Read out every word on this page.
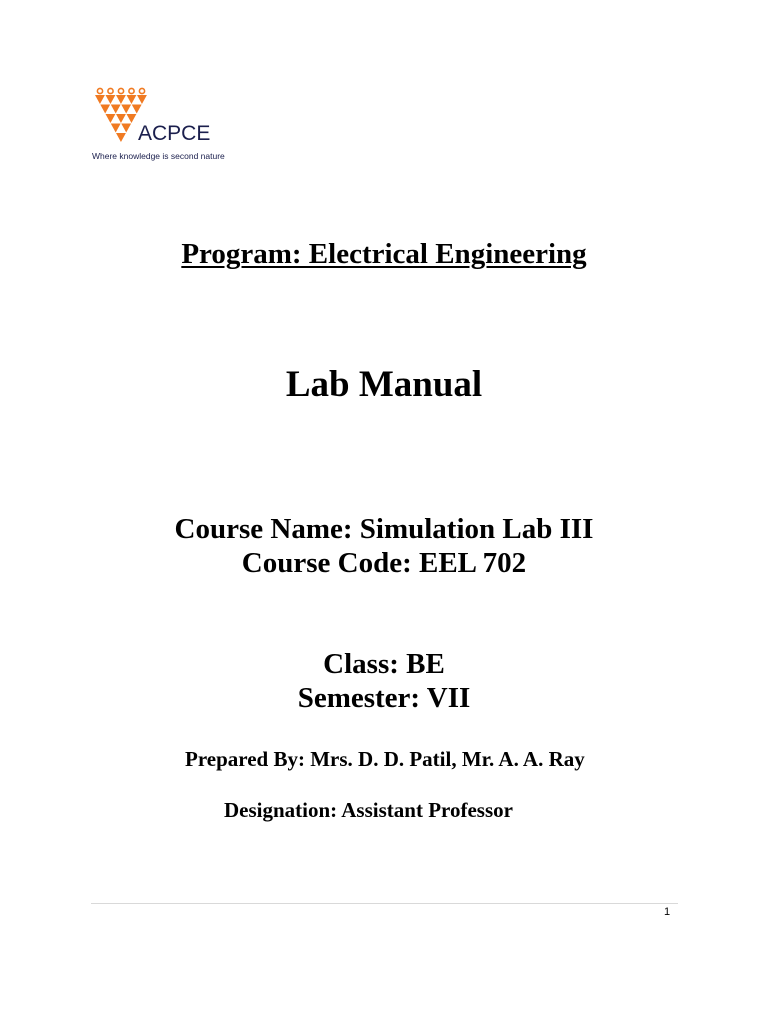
ACPCE
Where knowledge is second nature
Program: Electrical Engineering
Lab Manual
Course Name: Simulation Lab III
Course Code: EEL 702
Class: BE
Semester: VII
Prepared By: Mrs. D. D. Patil, Mr. A. A. Ray
Designation: Assistant Professor
1
